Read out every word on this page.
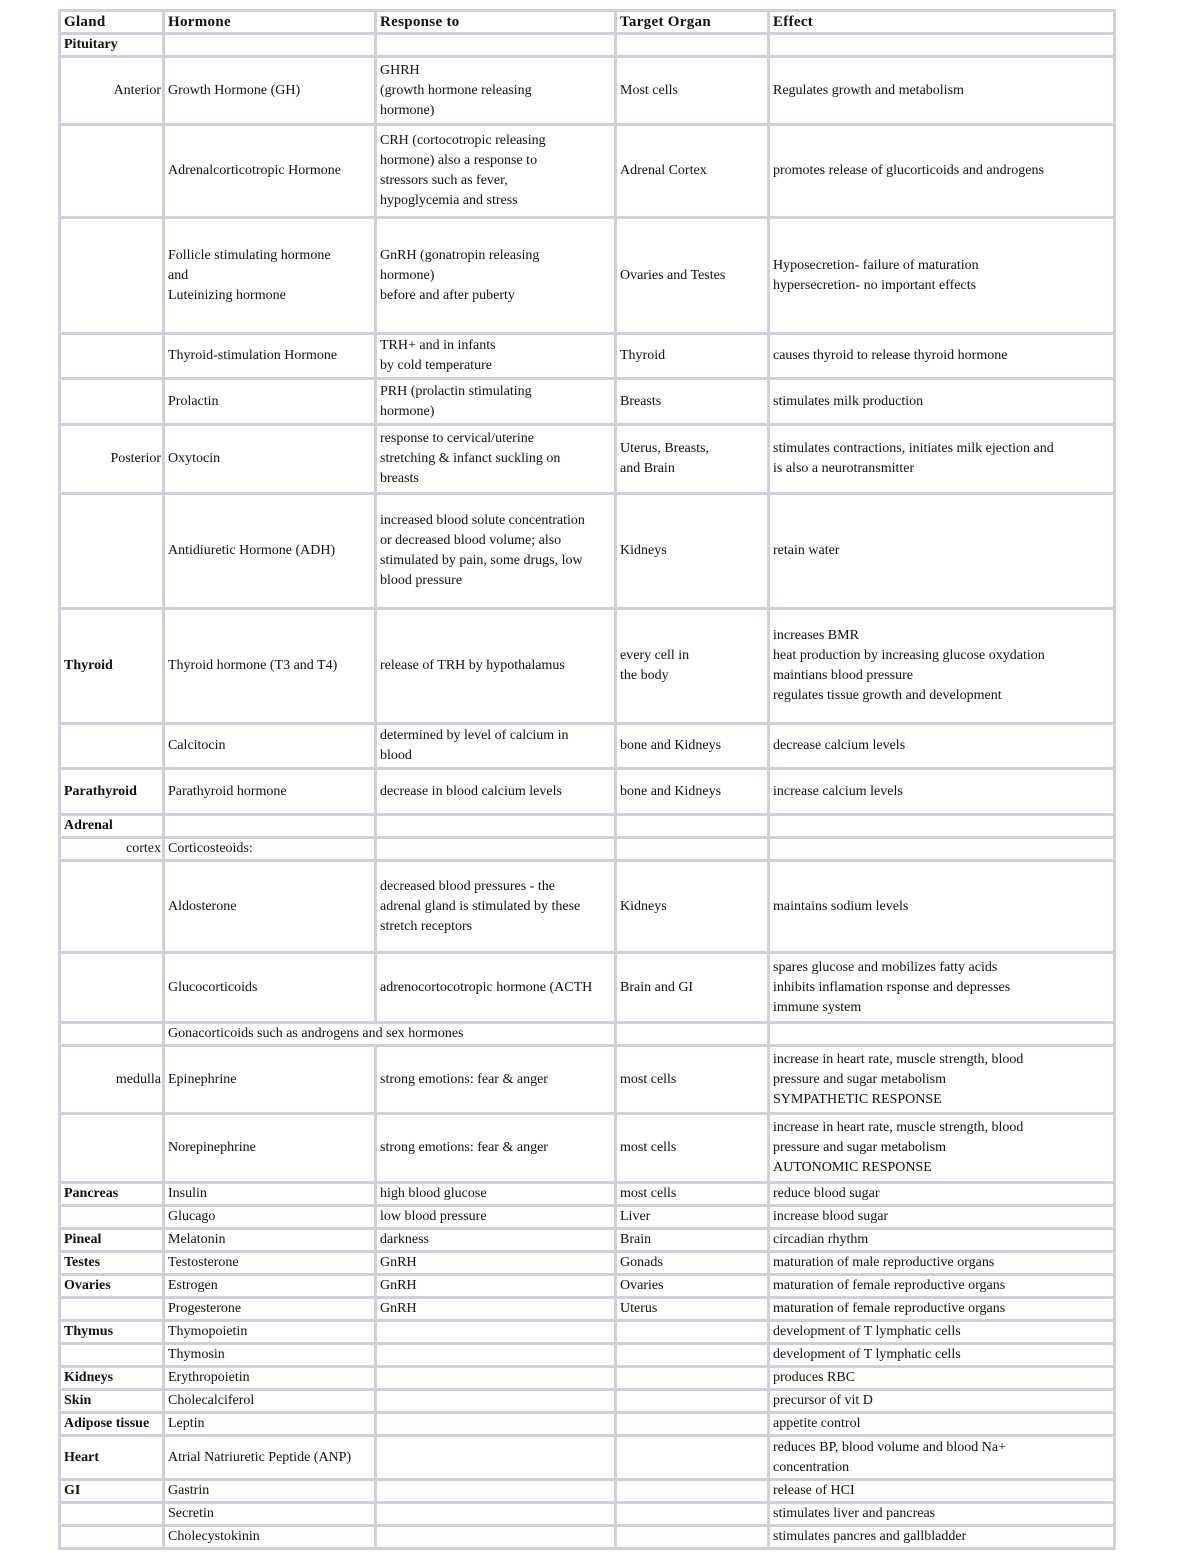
Gland	Hormone	Response to	Target Organ	Effect
Pituitary				
Anterior	Growth Hormone (GH)	GHRH
(growth hormone releasing
hormone)	Most cells	Regulates growth and metabolism
	Adrenalcorticotropic Hormone	CRH (cortocotropic releasing
hormone) also a response to
stressors such as fever,
hypoglycemia and stress	Adrenal Cortex	promotes release of glucorticoids and androgens
	Follicle stimulating hormone
and
Luteinizing hormone	GnRH (gonatropin releasing
hormone)
before and after puberty	Ovaries and Testes	Hyposecretion- failure of maturation
hypersecretion- no important effects
	Thyroid-stimulation Hormone	TRH+ and in infants
by cold temperature	Thyroid	causes thyroid to release thyroid hormone
	Prolactin	PRH (prolactin stimulating
hormone)	Breasts	stimulates milk production
Posterior	Oxytocin	response to cervical/uterine
stretching & infanct suckling on
breasts	Uterus, Breasts,
and Brain	stimulates contractions, initiates milk ejection and
is also a neurotransmitter
	Antidiuretic Hormone (ADH)	increased blood solute concentration
or decreased blood volume; also
stimulated by pain, some drugs, low
blood pressure	Kidneys	retain water
Thyroid	Thyroid hormone (T3 and T4)	release of TRH by hypothalamus	every cell in
the body	increases BMR
heat production by increasing glucose oxydation
maintians blood pressure
regulates tissue growth and development
	Calcitocin	determined by level of calcium in
blood	bone and Kidneys	decrease calcium levels
Parathyroid	Parathyroid hormone	decrease in blood calcium levels	bone and Kidneys	increase calcium levels
Adrenal				
cortex	Corticosteoids:			
	Aldosterone	decreased blood pressures - the
adrenal gland is stimulated by these
stretch receptors	Kidneys	maintains sodium levels
	Glucocorticoids	adrenocortocotropic hormone (ACTH	Brain and GI	spares glucose and mobilizes fatty acids
inhibits inflamation rsponse and depresses
immune system
	Gonacorticoids such as androgens and sex hormones			
medulla	Epinephrine	strong emotions: fear & anger	most cells	increase in heart rate, muscle strength, blood
pressure and sugar metabolism
SYMPATHETIC RESPONSE
	Norepinephrine	strong emotions: fear & anger	most cells	increase in heart rate, muscle strength, blood
pressure and sugar metabolism
AUTONOMIC RESPONSE
Pancreas	Insulin	high blood glucose	most cells	reduce blood sugar
	Glucago	low blood pressure	Liver	increase blood sugar
Pineal	Melatonin	darkness	Brain	circadian rhythm
Testes	Testosterone	GnRH	Gonads	maturation of male reproductive organs
Ovaries	Estrogen	GnRH	Ovaries	maturation of female reproductive organs
	Progesterone	GnRH	Uterus	maturation of female reproductive organs
Thymus	Thymopoietin			development of T lymphatic cells
	Thymosin			development of T lymphatic cells
Kidneys	Erythropoietin			produces RBC
Skin	Cholecalciferol			precursor of vit D
Adipose tissue	Leptin			appetite control
Heart	Atrial Natriuretic Peptide (ANP)			reduces BP, blood volume and blood Na+
concentration
GI	Gastrin			release of HCI
	Secretin			stimulates liver and pancreas
	Cholecystokinin			stimulates pancres and gallbladder
